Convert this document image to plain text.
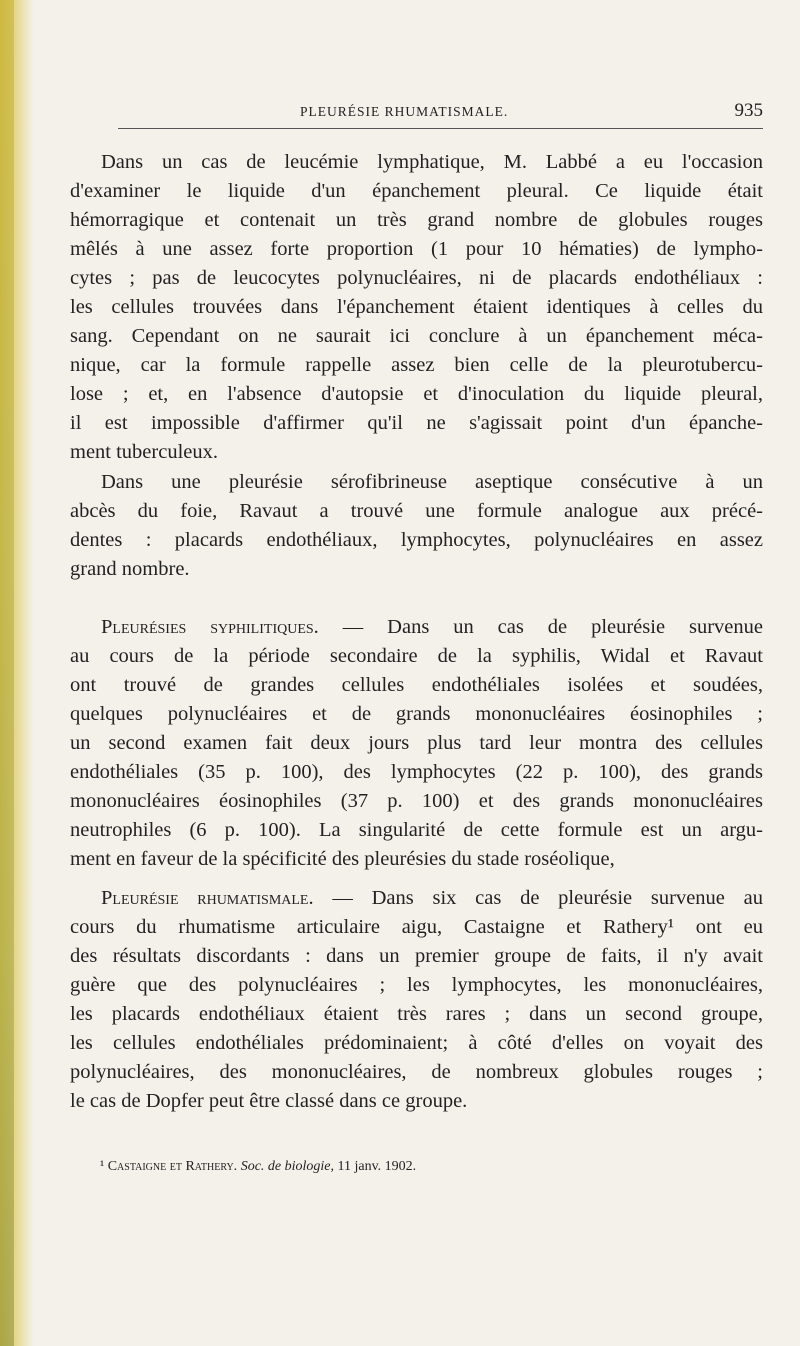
PLEURÉSIE RHUMATISMALE.	935
Dans un cas de leucémie lymphatique, M. Labbé a eu l'occasion
d'examiner le liquide d'un épanchement pleural. Ce liquide était
hémorragique et contenait un très grand nombre de globules rouges
mêlés à une assez forte proportion (1 pour 10 hématies) de lympho-
cytes ; pas de leucocytes polynucléaires, ni de placards endothéliaux :
les cellules trouvées dans l'épanchement étaient identiques à celles du
sang. Cependant on ne saurait ici conclure à un épanchement méca-
nique, car la formule rappelle assez bien celle de la pleurotubercu-
lose ; et, en l'absence d'autopsie et d'inoculation du liquide pleural,
il est impossible d'affirmer qu'il ne s'agissait point d'un épanche-
ment tuberculeux.
Dans une pleurésie sérofibrineuse aseptique consécutive à un
abcès du foie, Ravaut a trouvé une formule analogue aux précé-
dentes : placards endothéliaux, lymphocytes, polynucléaires en assez
grand nombre.
Pleurésies syphilitiques. — Dans un cas de pleurésie survenue
au cours de la période secondaire de la syphilis, Widal et Ravaut
ont trouvé de grandes cellules endothéliales isolées et soudées,
quelques polynucléaires et de grands mononucléaires éosinophiles ;
un second examen fait deux jours plus tard leur montra des cellules
endothéliales (35 p. 100), des lymphocytes (22 p. 100), des grands
mononucléaires éosinophiles (37 p. 100) et des grands mononucléaires
neutrophiles (6 p. 100). La singularité de cette formule est un argu-
ment en faveur de la spécificité des pleurésies du stade roséolique,
Pleurésie rhumatismale. — Dans six cas de pleurésie survenue au
cours du rhumatisme articulaire aigu, Castaigne et Rathery¹ ont eu
des résultats discordants : dans un premier groupe de faits, il n'y avait
guère que des polynucléaires ; les lymphocytes, les mononucléaires,
les placards endothéliaux étaient très rares ; dans un second groupe,
les cellules endothéliales prédominaient; à côté d'elles on voyait des
polynucléaires, des mononucléaires, de nombreux globules rouges ;
le cas de Dopfer peut être classé dans ce groupe.
¹ Castaigne et Rathery. Soc. de biologie, 11 janv. 1902.
